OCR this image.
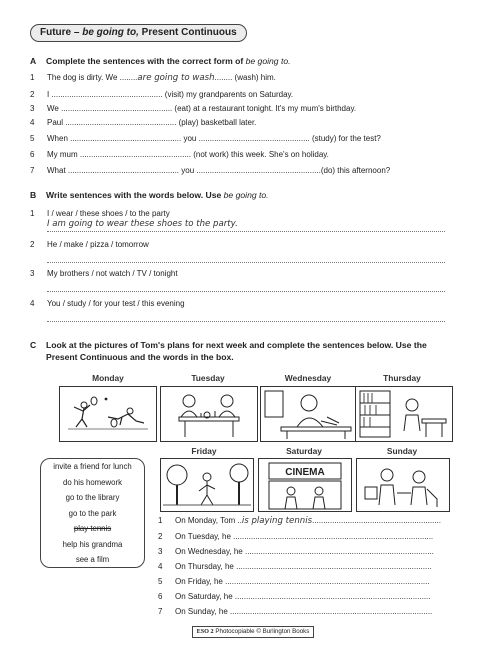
Future – be going to, Present Continuous
A Complete the sentences with the correct form of be going to.
1 The dog is dirty. We ........are going to wash........ (wash) him.
2 I .................................................. (visit) my grandparents on Saturday.
3 We .................................................. (eat) at a restaurant tonight. It's my mum's birthday.
4 Paul .................................................. (play) basketball later.
5 When .................................................. you .................................................. (study) for the test?
6 My mum .................................................. (not work) this week. She's on holiday.
7 What .................................................. you ........................................................(do) this afternoon?
B Write sentences with the words below. Use be going to.
1 I / wear / these shoes / to the party
I am going to wear these shoes to the party.
2 He / make / pizza / tomorrow
3 My brothers / not watch / TV / tonight
4 You / study / for your test / this evening
C Look at the pictures of Tom's plans for next week and complete the sentences below. Use the
Present Continuous and the words in the box.
Monday	Tuesday	Wednesday	Thursday
Friday	Saturday	Sunday
CINEMA
invite a friend for lunch
do his homework
go to the library
go to the park
play tennis
help his grandma
see a film
1 On Monday, Tom ..is playing tennis..........................................................
2 On Tuesday, he ..........................................................................................
3 On Wednesday, he .....................................................................................
4 On Thursday, he ........................................................................................
5 On Friday, he ............................................................................................
6 On Saturday, he ........................................................................................
7 On Sunday, he ...........................................................................................
ESO 2 Photocopiable © Burlington Books
